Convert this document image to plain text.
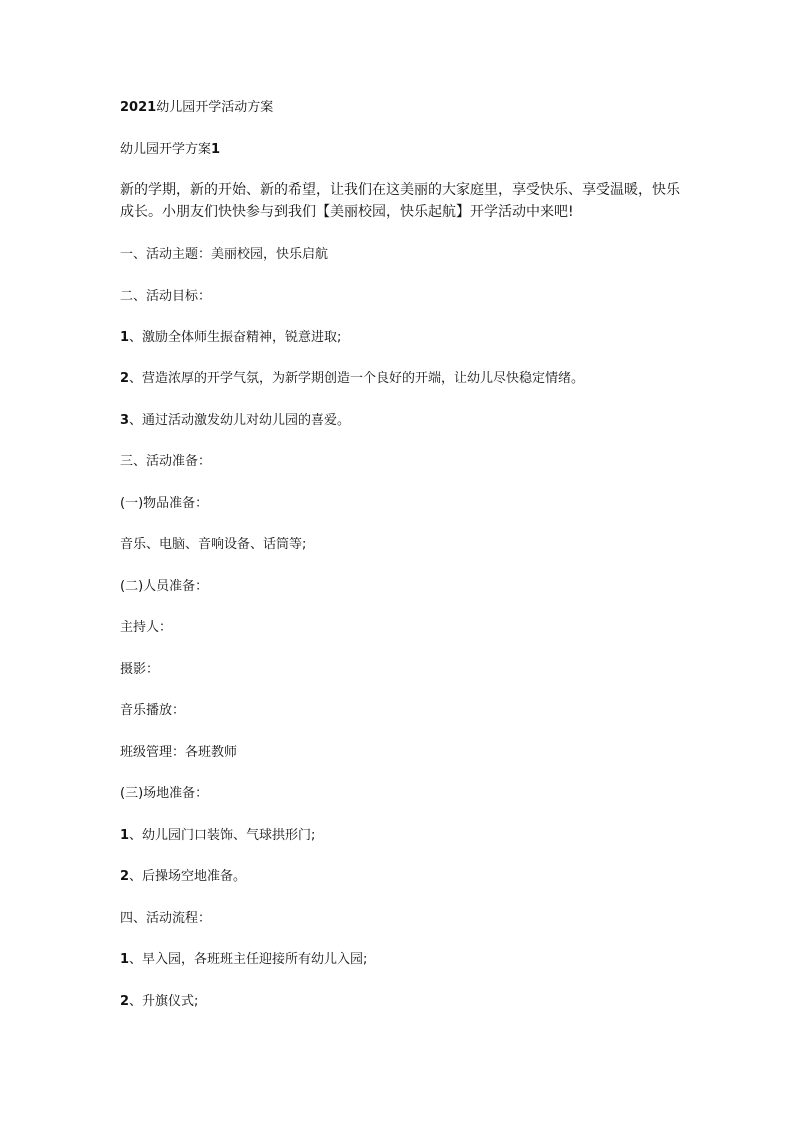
2021幼儿园开学活动方案
幼儿园开学方案1
新的学期，新的开始、新的希望，让我们在这美丽的大家庭里，享受快乐、享受温暖，快乐
成长。小朋友们快快参与到我们【美丽校园，快乐起航】开学活动中来吧!
一、活动主题：美丽校园，快乐启航
二、活动目标：
1、激励全体师生振奋精神，锐意进取;
2、营造浓厚的开学气氛，为新学期创造一个良好的开端，让幼儿尽快稳定情绪。
3、通过活动激发幼儿对幼儿园的喜爱。
三、活动准备：
(一)物品准备：
音乐、电脑、音响设备、话筒等;
(二)人员准备：
主持人：
摄影：
音乐播放：
班级管理：各班教师
(三)场地准备：
1、幼儿园门口装饰、气球拱形门;
2、后操场空地准备。
四、活动流程：
1、早入园，各班班主任迎接所有幼儿入园;
2、升旗仪式;
